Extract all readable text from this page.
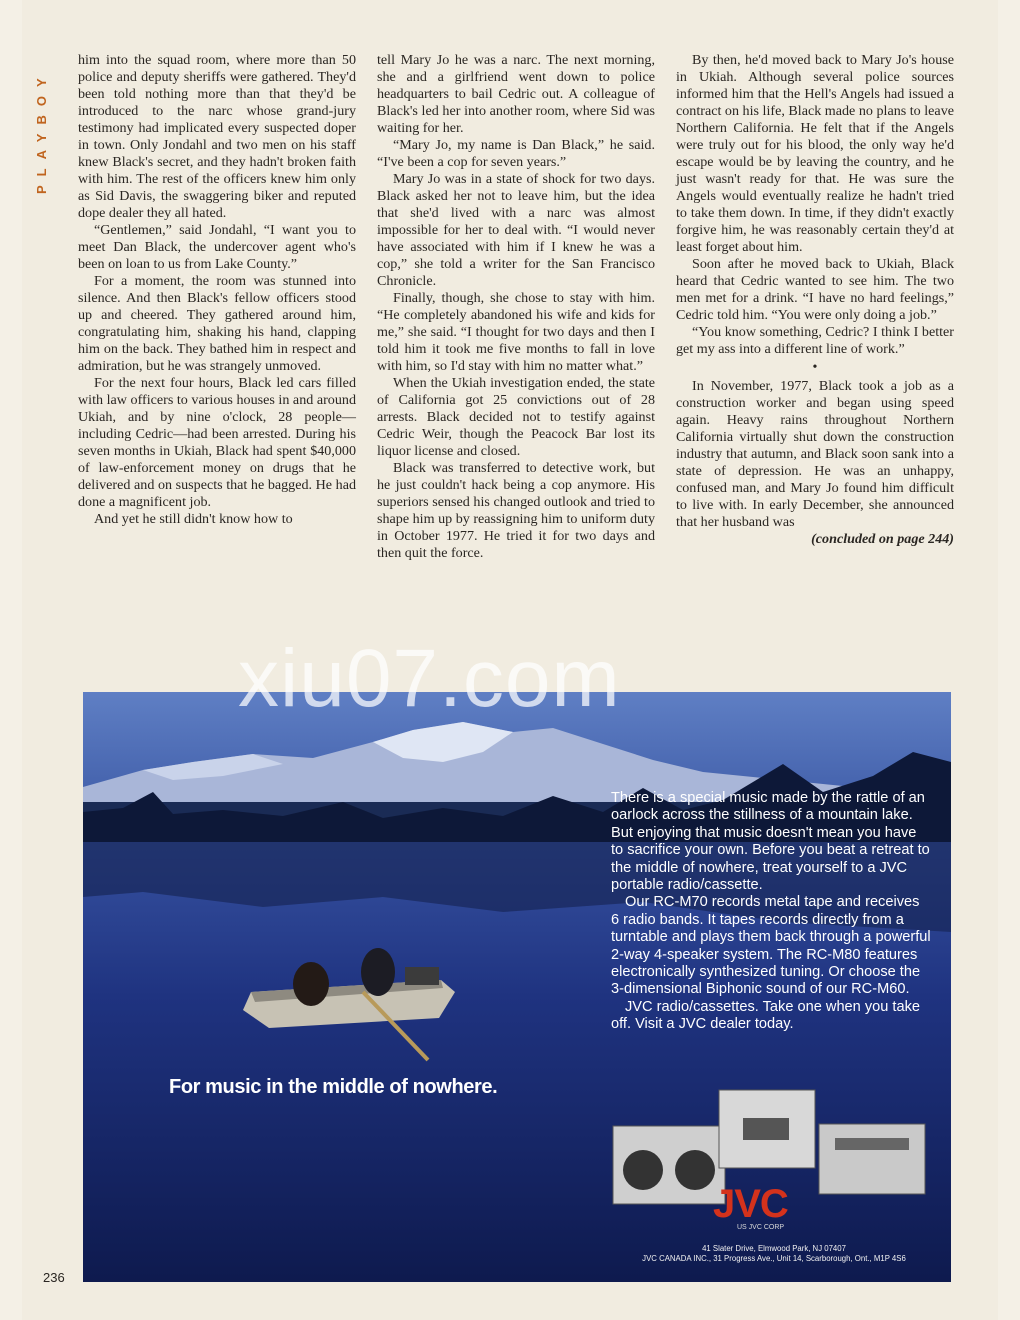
PLAYBOY

him into the squad room, where more than 50 police and deputy sheriffs were gathered. They'd been told nothing more than that they'd be introduced to the narc whose grand-jury testimony had implicated every suspected doper in town. Only Jondahl and two men on his staff knew Black's secret, and they hadn't broken faith with him. The rest of the officers knew him only as Sid Davis, the swaggering biker and reputed dope dealer they all hated.

“Gentlemen,” said Jondahl, “I want you to meet Dan Black, the undercover agent who's been on loan to us from Lake County.”

For a moment, the room was stunned into silence. And then Black's fellow officers stood up and cheered. They gathered around him, congratulating him, shaking his hand, clapping him on the back. They bathed him in respect and admiration, but he was strangely unmoved.

For the next four hours, Black led cars filled with law officers to various houses in and around Ukiah, and by nine o'clock, 28 people—including Cedric—had been arrested. During his seven months in Ukiah, Black had spent $40,000 of law-enforcement money on drugs that he delivered and on suspects that he bagged. He had done a magnificent job.

And yet he still didn't know how to

tell Mary Jo he was a narc. The next morning, she and a girlfriend went down to police headquarters to bail Cedric out. A colleague of Black's led her into another room, where Sid was waiting for her.

“Mary Jo, my name is Dan Black,” he said. “I've been a cop for seven years.”

Mary Jo was in a state of shock for two days. Black asked her not to leave him, but the idea that she'd lived with a narc was almost impossible for her to deal with. “I would never have associated with him if I knew he was a cop,” she told a writer for the San Francisco Chronicle.

Finally, though, she chose to stay with him. “He completely abandoned his wife and kids for me,” she said. “I thought for two days and then I told him it took me five months to fall in love with him, so I'd stay with him no matter what.”

When the Ukiah investigation ended, the state of California got 25 convictions out of 28 arrests. Black decided not to testify against Cedric Weir, though the Peacock Bar lost its liquor license and closed.

Black was transferred to detective work, but he just couldn't hack being a cop anymore. His superiors sensed his changed outlook and tried to shape him up by reassigning him to uniform duty in October 1977. He tried it for two days and then quit the force.

By then, he'd moved back to Mary Jo's house in Ukiah. Although several police sources informed him that the Hell's Angels had issued a contract on his life, Black made no plans to leave Northern California. He felt that if the Angels were truly out for his blood, the only way he'd escape would be by leaving the country, and he just wasn't ready for that. He was sure the Angels would eventually realize he hadn't tried to take them down. In time, if they didn't exactly forgive him, he was reasonably certain they'd at least forget about him.

Soon after he moved back to Ukiah, Black heard that Cedric wanted to see him. The two men met for a drink. “I have no hard feelings,” Cedric told him. “You were only doing a job.”

“You know something, Cedric? I think I better get my ass into a different line of work.”

•

In November, 1977, Black took a job as a construction worker and began using speed again. Heavy rains throughout Northern California virtually shut down the construction industry that autumn, and Black soon sank into a state of depression. He was an unhappy, confused man, and Mary Jo found him difficult to live with. In early December, she announced that her husband was

(concluded on page 244)

There is a special music made by the rattle of an oarlock across the stillness of a mountain lake. But enjoying that music doesn't mean you have to sacrifice your own. Before you beat a retreat to the middle of nowhere, treat yourself to a JVC portable radio/cassette.

Our RC-M70 records metal tape and receives 6 radio bands. It tapes records directly from a turntable and plays them back through a powerful 2-way 4-speaker system. The RC-M80 features electronically synthesized tuning. Or choose the 3-dimensional Biphonic sound of our RC-M60.

JVC radio/cassettes. Take one when you take off. Visit a JVC dealer today.

For music in the middle of nowhere.
JVC
US JVC CORP
41 Slater Drive, Elmwood Park, NJ 07407
JVC CANADA INC., 31 Progress Ave., Unit 14, Scarborough, Ont., M1P 4S6
xiu07.com
236
